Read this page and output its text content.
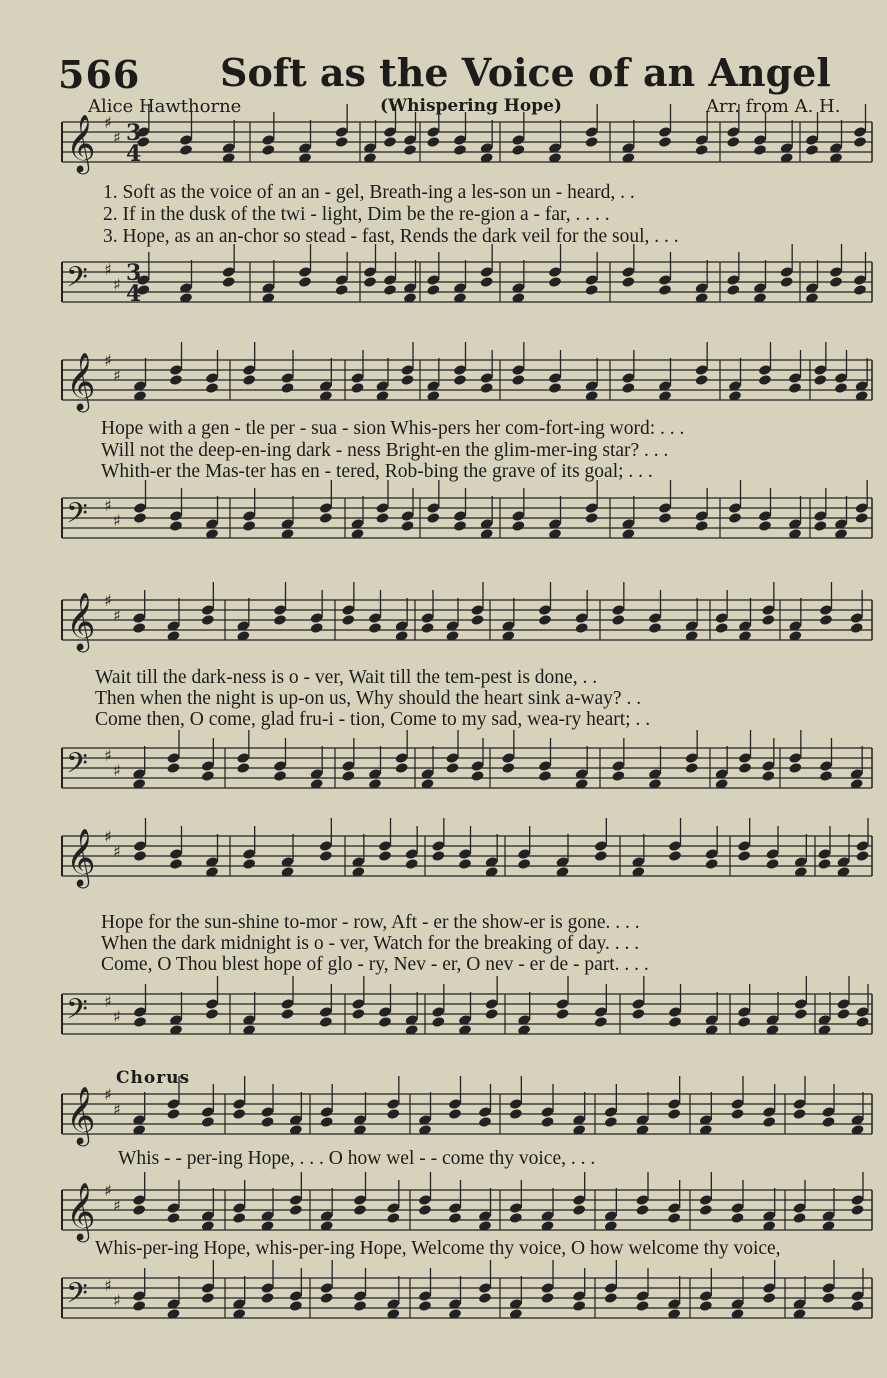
566 Soft as the Voice of an Angel
Alice Hawthorne	(Whispering Hope)	Arr. from A. H.
𝄞 ♯
♯ 3
4
1. Soft as the voice of an an - gel, Breath-ing a les-son un - heard, . .
2. If in the dusk of the twi - light, Dim be the re-gion a - far, . . . .
3. Hope, as an an-chor so stead - fast, Rends the dark veil for the soul, . . .
𝄢 ♯
♯ 3
4
𝄞 ♯
♯
Hope with a gen - tle per - sua - sion Whis-pers her com-fort-ing word: . . .
Will not the deep-en-ing dark - ness Bright-en the glim-mer-ing star? . . .
Whith-er the Mas-ter has en - tered, Rob-bing the grave of its goal; . . .
𝄢 ♯
♯
𝄞 ♯
♯
Wait till the dark-ness is o - ver, Wait till the tem-pest is done, . .
Then when the night is up-on us, Why should the heart sink a-way? . .
Come then, O come, glad fru-i - tion, Come to my sad, wea-ry heart; . .
𝄢 ♯
♯
𝄞 ♯
♯
Hope for the sun-shine to-mor - row, Aft - er the show-er is gone. . . .
When the dark midnight is o - ver, Watch for the breaking of day. . . .
Come, O Thou blest hope of glo - ry, Nev - er, O nev - er de - part. . . .
𝄢 ♯
♯
Chorus
𝄞 ♯
♯
Whis - - per-ing Hope, . . . O how wel - - come thy voice, . . .
𝄞 ♯
♯
Whis-per-ing Hope, whis-per-ing Hope, Welcome thy voice, O how welcome thy voice,
𝄢 ♯
♯
